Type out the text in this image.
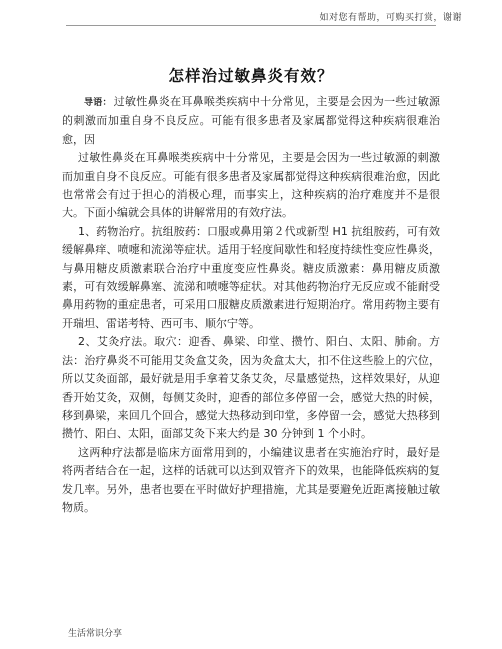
如对您有帮助，可购买打赏，谢谢
怎样治过敏鼻炎有效？

导语： 过敏性鼻炎在耳鼻喉类疾病中十分常见，主要是会因为一些过敏源的刺激而加重自身不良反应。可能有很多患者及家属都觉得这种疾病很难治愈，因

过敏性鼻炎在耳鼻喉类疾病中十分常见，主要是会因为一些过敏源的刺激而加重自身不良反应。可能有很多患者及家属都觉得这种疾病很难治愈，因此也常常会有过于担心的消极心理，而事实上，这种疾病的治疗难度并不是很大。下面小编就会具体的讲解常用的有效疗法。

1、药物治疗。抗组胺药：口服或鼻用第２代或新型 H1 抗组胺药，可有效缓解鼻痒、喷嚏和流涕等症状。适用于轻度间歇性和轻度持续性变应性鼻炎，与鼻用糖皮质激素联合治疗中重度变应性鼻炎。糖皮质激素：鼻用糖皮质激素，可有效缓解鼻塞、流涕和喷嚏等症状。对其他药物治疗无反应或不能耐受鼻用药物的重症患者，可采用口服糖皮质激素进行短期治疗。常用药物主要有开瑞坦、雷诺考特、西可韦、顺尔宁等。

2、艾灸疗法。取穴：迎香、鼻梁、印堂、攒竹、阳白、太阳、肺俞。方法：治疗鼻炎不可能用艾灸盒艾灸，因为灸盒太大，扣不住这些脸上的穴位，所以艾灸面部，最好就是用手拿着艾条艾灸，尽量感觉热，这样效果好，从迎香开始艾灸，双侧，每侧艾灸时，迎香的部位多停留一会，感觉大热的时候，移到鼻梁，来回几个回合，感觉大热移动到印堂，多停留一会，感觉大热移到攒竹、阳白、太阳，面部艾灸下来大约是 30 分钟到 1 个小时。

这两种疗法都是临床方面常用到的，小编建议患者在实施治疗时，最好是将两者结合在一起，这样的话就可以达到双管齐下的效果，也能降低疾病的复发几率。另外，患者也要在平时做好护理措施，尤其是要避免近距离接触过敏物质。

生活常识分享
